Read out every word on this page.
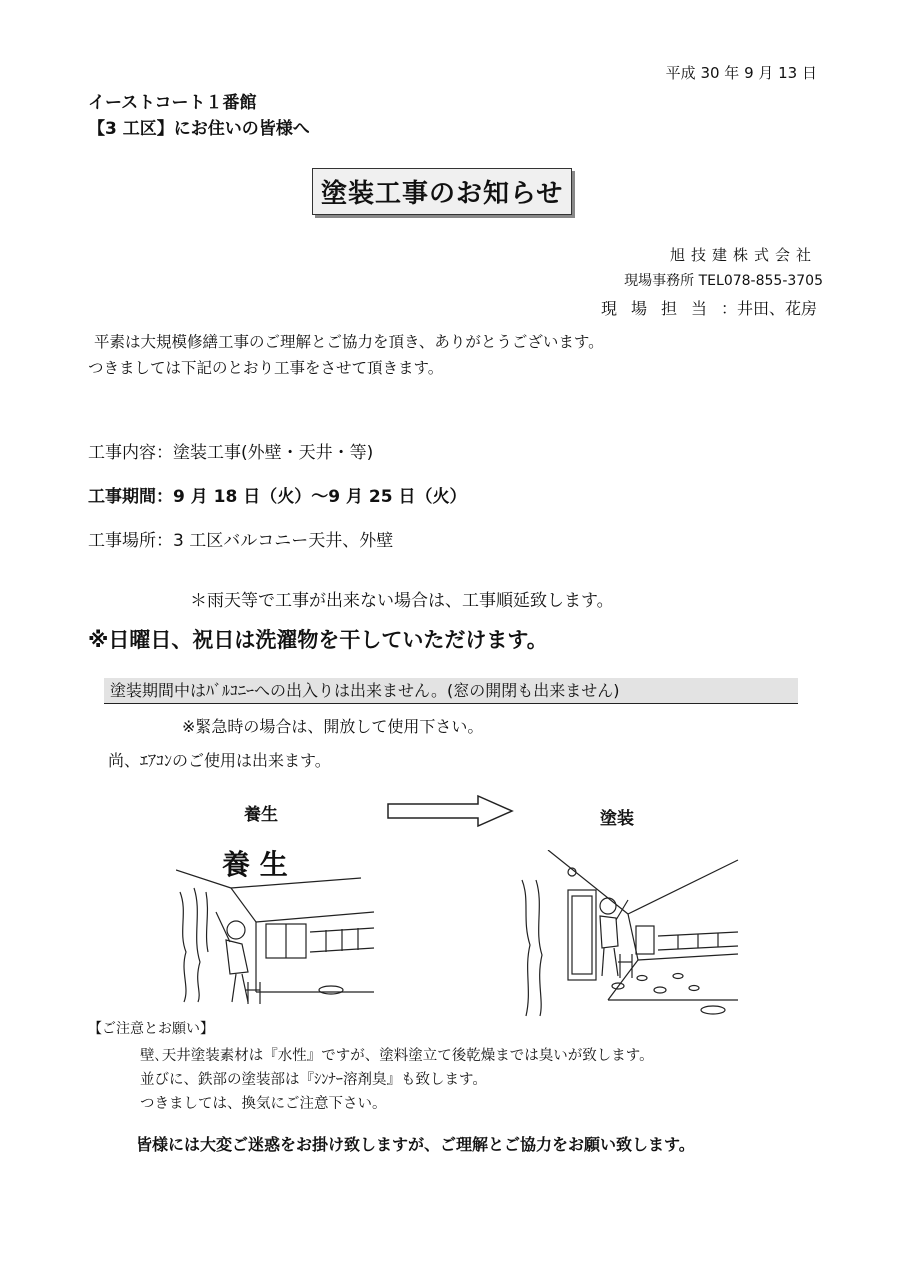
平成 30 年 9 月 13 日
イーストコート１番館
【3 工区】にお住いの皆様へ
塗装工事のお知らせ
旭技建株式会社
現場事務所 TEL078-855-3705
現場担当：井田、花房
平素は大規模修繕工事のご理解とご協力を頂き、ありがとうございます。
つきましては下記のとおり工事をさせて頂きます。
工事内容：塗装工事(外壁・天井・等)
工事期間：9 月 18 日（火）～9 月 25 日（火）
工事場所：3 工区バルコニー天井、外壁
＊雨天等で工事が出来ない場合は、工事順延致します。
※日曜日、祝日は洗濯物を干していただけます。
塗装期間中はﾊﾞﾙｺﾆｰへの出入りは出来ません。(窓の開閉も出来ません)
※緊急時の場合は、開放して使用下さい。
尚、ｴｱｺﾝのご使用は出来ます。
養生	塗装
養 生
【ご注意とお願い】
壁､天井塗装素材は『水性』ですが、塗料塗立て後乾燥までは臭いが致します。
並びに、鉄部の塗装部は『ｼﾝﾅｰ溶剤臭』も致します。
つきましては、換気にご注意下さい。
皆様には大変ご迷惑をお掛け致しますが、ご理解とご協力をお願い致します。
